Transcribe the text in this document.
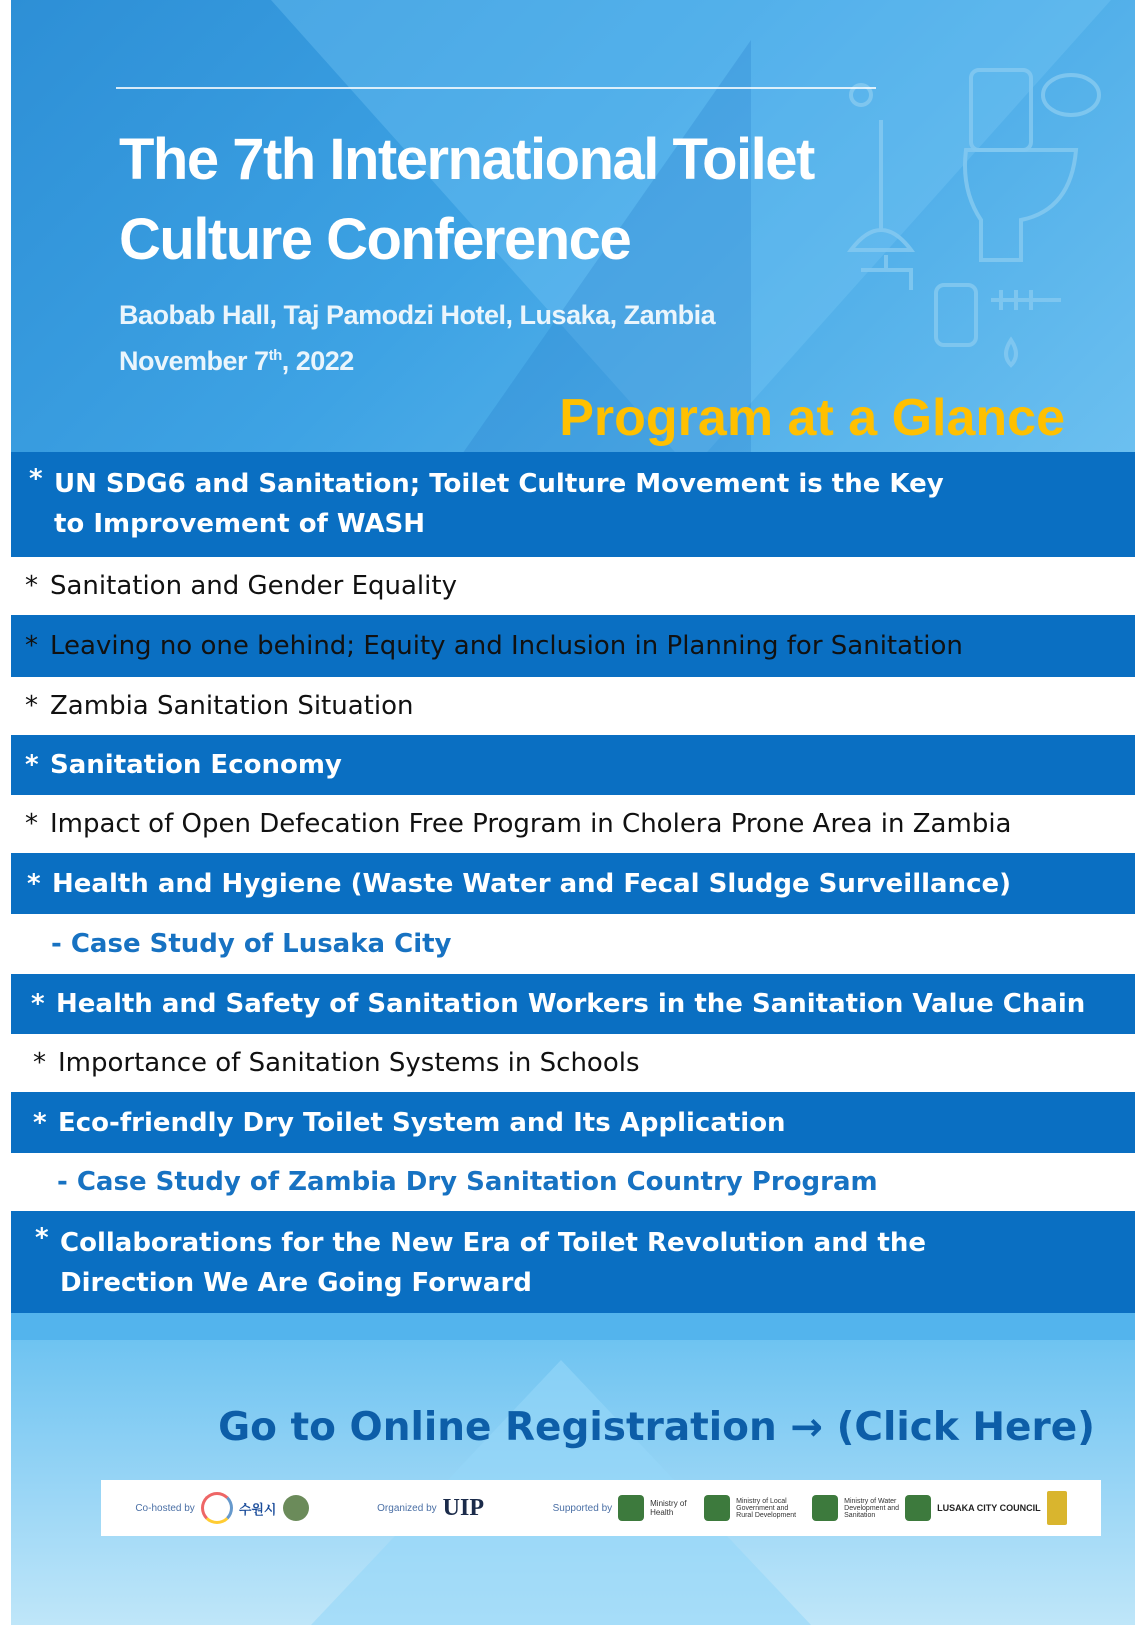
The 7th International Toilet
Culture Conference

Baobab Hall, Taj Pamodzi Hotel, Lusaka, Zambia

November 7th, 2022

Program at a Glance
* UN SDG6 and Sanitation; Toilet Culture Movement is the Key to Improvement of WASH
* Sanitation and Gender Equality
* Leaving no one behind; Equity and Inclusion in Planning for Sanitation
* Zambia Sanitation Situation
* Sanitation Economy
* Impact of Open Defecation Free Program in Cholera Prone Area in Zambia
* Health and Hygiene (Waste Water and Fecal Sludge Surveillance)
- Case Study of Lusaka City
* Health and Safety of Sanitation Workers in the Sanitation Value Chain
* Importance of Sanitation Systems in Schools
* Eco-friendly Dry Toilet System and Its Application
- Case Study of Zambia Dry Sanitation Country Program
* Collaborations for the New Era of Toilet Revolution and the Direction We Are Going Forward
Go to Online Registration → (Click Here)
Co-hosted by	수원시	Organized by UIP	Supported by	Ministry of Health
Ministry of Local Government and Rural Development
Ministry of Water Development and Sanitation
LUSAKA CITY COUNCIL
